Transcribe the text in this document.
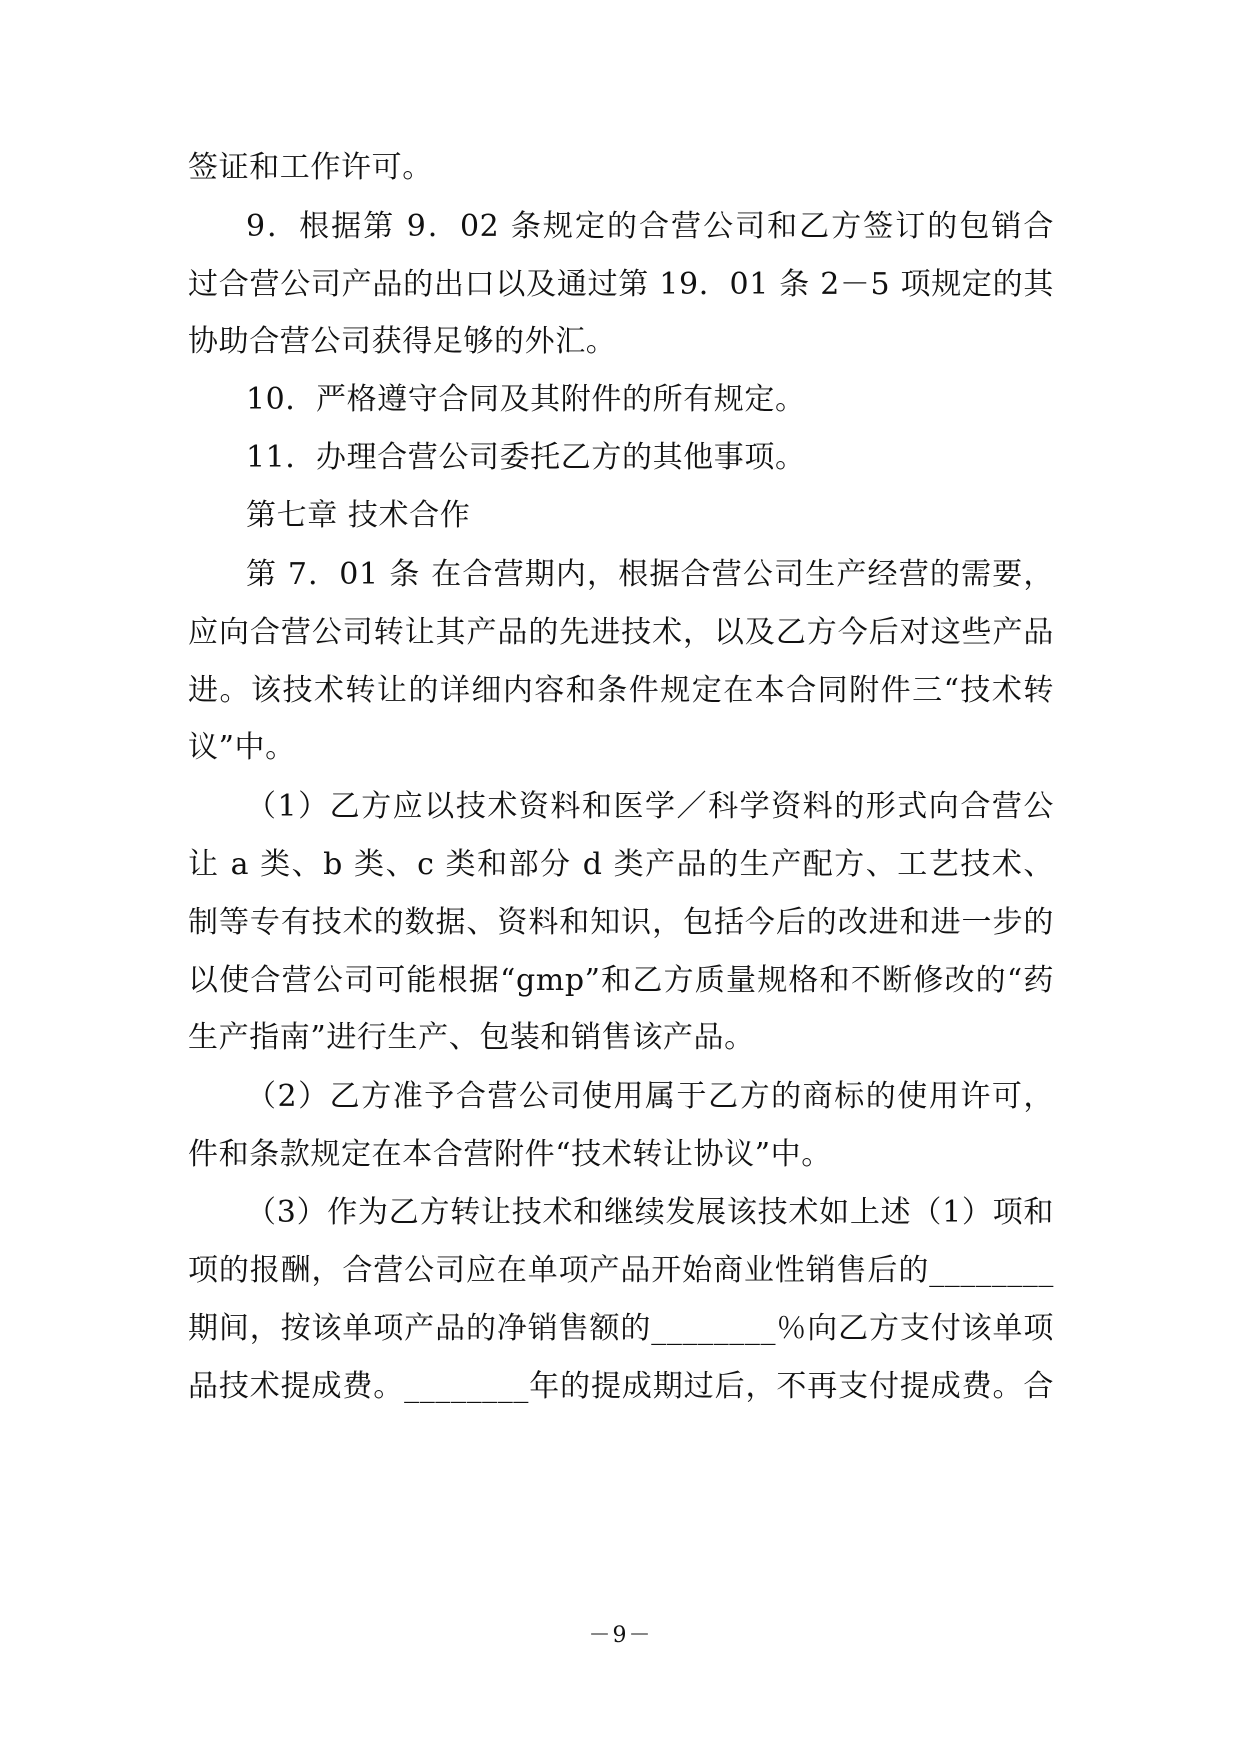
签证和工作许可。
9．根据第 9．02 条规定的合营公司和乙方签订的包销合
过合营公司产品的出口以及通过第 19．01 条 2－5 项规定的其
协助合营公司获得足够的外汇。
10．严格遵守合同及其附件的所有规定。
11．办理合营公司委托乙方的其他事项。
第七章 技术合作
第 7．01 条 在合营期内，根据合营公司生产经营的需要，
应向合营公司转让其产品的先进技术，以及乙方今后对这些产品
进。该技术转让的详细内容和条件规定在本合同附件三“技术转
议”中。
（1）乙方应以技术资料和医学／科学资料的形式向合营公
让 a 类、b 类、c 类和部分 d 类产品的生产配方、工艺技术、
制等专有技术的数据、资料和知识，包括今后的改进和进一步的
以使合营公司可能根据“gmp”和乙方质量规格和不断修改的“药
生产指南”进行生产、包装和销售该产品。
（2）乙方准予合营公司使用属于乙方的商标的使用许可，
件和条款规定在本合营附件“技术转让协议”中。
（3）作为乙方转让技术和继续发展该技术如上述（1）项和
项的报酬，合营公司应在单项产品开始商业性销售后的________
期间，按该单项产品的净销售额的________％向乙方支付该单项
品技术提成费。________年的提成期过后，不再支付提成费。合
－9－
